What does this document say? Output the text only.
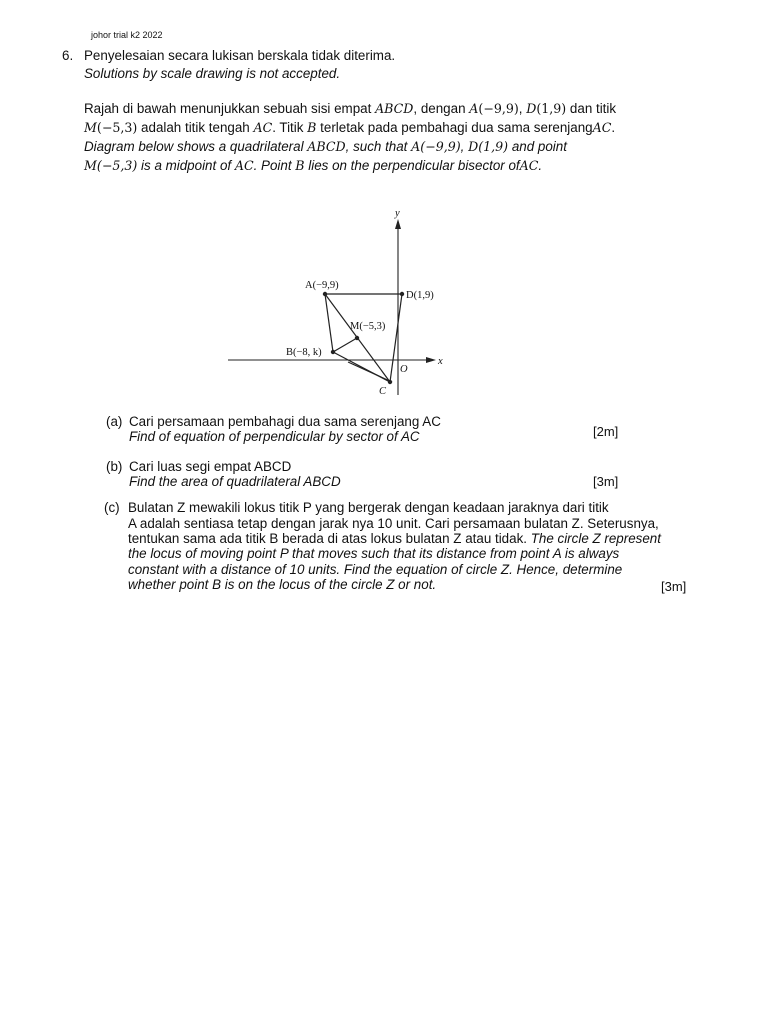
johor trial k2 2022
6. Penyelesaian secara lukisan berskala tidak diterima.
Solutions by scale drawing is not accepted.
Rajah di bawah menunjukkan sebuah sisi empat ABCD, dengan A(−9,9), D(1,9) dan titik
M(−5,3) adalah titik tengah AC. Titik B terletak pada pembahagi dua sama serenjangAC.
Diagram below shows a quadrilateral ABCD, such that A(−9,9), D(1,9) and point
M(−5,3) is a midpoint of AC. Point B lies on the perpendicular bisector ofAC.
y
x
O
A(−9,9)
D(1,9)
M(−5,3)
B(−8, k)
C
(a) Cari persamaan pembahagi dua sama serenjang AC
Find of equation of perpendicular by sector of AC	[2m]
(b) Cari luas segi empat ABCD
Find the area of quadrilateral ABCD	[3m]
(c) Bulatan Z mewakili lokus titik P yang bergerak dengan keadaan jaraknya dari titik
A adalah sentiasa tetap dengan jarak nya 10 unit. Cari persamaan bulatan Z. Seterusnya,
tentukan sama ada titik B berada di atas lokus bulatan Z atau tidak. The circle Z represent
the locus of moving point P that moves such that its distance from point A is always
constant with a distance of 10 units. Find the equation of circle Z. Hence, determine
whether point B is on the locus of the circle Z or not.	[3m]
